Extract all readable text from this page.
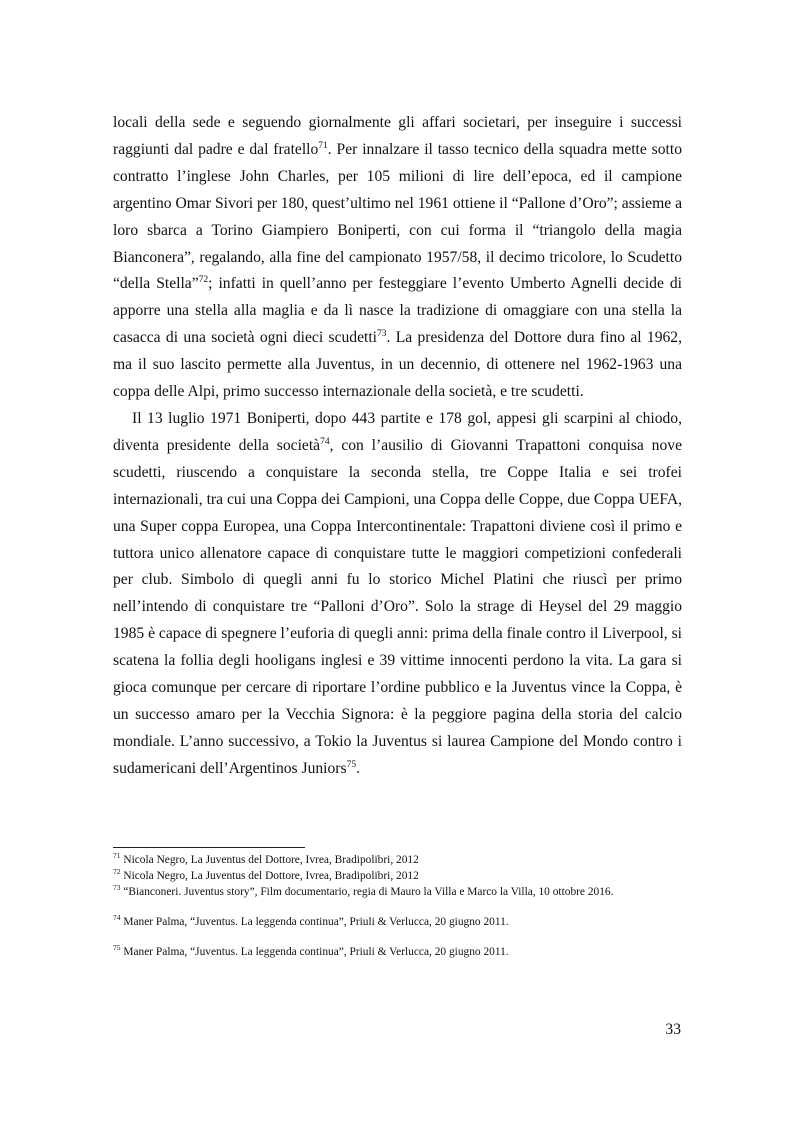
locali della sede e seguendo giornalmente gli affari societari, per inseguire i successi raggiunti dal padre e dal fratello$^{71}$. Per innalzare il tasso tecnico della squadra mette sotto contratto l’inglese John Charles, per 105 milioni di lire dell’epoca, ed il campione argentino Omar Sivori per 180, quest’ultimo nel 1961 ottiene il “Pallone d’Oro”; assieme a loro sbarca a Torino Giampiero Boniperti, con cui forma il “triangolo della magia Bianconera”, regalando, alla fine del campionato 1957/58, il decimo tricolore, lo Scudetto “della Stella”$^{72}$; infatti in quell’anno per festeggiare l’evento Umberto Agnelli decide di apporre una stella alla maglia e da lì nasce la tradizione di omaggiare con una stella la casacca di una società ogni dieci scudetti$^{73}$. La presidenza del Dottore dura fino al 1962, ma il suo lascito permette alla Juventus, in un decennio, di ottenere nel 1962-1963 una coppa delle Alpi, primo successo internazionale della società, e tre scudetti.

Il 13 luglio 1971 Boniperti, dopo 443 partite e 178 gol, appesi gli scarpini al chiodo, diventa presidente della società$^{74}$, con l’ausilio di Giovanni Trapattoni conquisa nove scudetti, riuscendo a conquistare la seconda stella, tre Coppe Italia e sei trofei internazionali, tra cui una Coppa dei Campioni, una Coppa delle Coppe, due Coppa UEFA, una Super coppa Europea, una Coppa Intercontinentale: Trapattoni diviene così il primo e tuttora unico allenatore capace di conquistare tutte le maggiori competizioni confederali per club. Simbolo di quegli anni fu lo storico Michel Platini che riuscì per primo nell’intendo di conquistare tre “Palloni d’Oro”. Solo la strage di Heysel del 29 maggio 1985 è capace di spegnere l’euforia di quegli anni: prima della finale contro il Liverpool, si scatena la follia degli hooligans inglesi e 39 vittime innocenti perdono la vita. La gara si gioca comunque per cercare di riportare l’ordine pubblico e la Juventus vince la Coppa, è un successo amaro per la Vecchia Signora: è la peggiore pagina della storia del calcio mondiale. L’anno successivo, a Tokio la Juventus si laurea Campione del Mondo contro i sudamericani dell’Argentinos Juniors$^{75}$.

$^{71}$ Nicola Negro, La Juventus del Dottore, Ivrea, Bradipolibri, 2012

$^{72}$ Nicola Negro, La Juventus del Dottore, Ivrea, Bradipolibri, 2012

$^{73}$ “Bianconeri. Juventus story”, Film documentario, regia di Mauro la Villa e Marco la Villa, 10 ottobre 2016.

$^{74}$ Maner Palma, “Juventus. La leggenda continua”, Priuli & Verlucca, 20 giugno 2011.

$^{75}$ Maner Palma, “Juventus. La leggenda continua”, Priuli & Verlucca, 20 giugno 2011.

33
